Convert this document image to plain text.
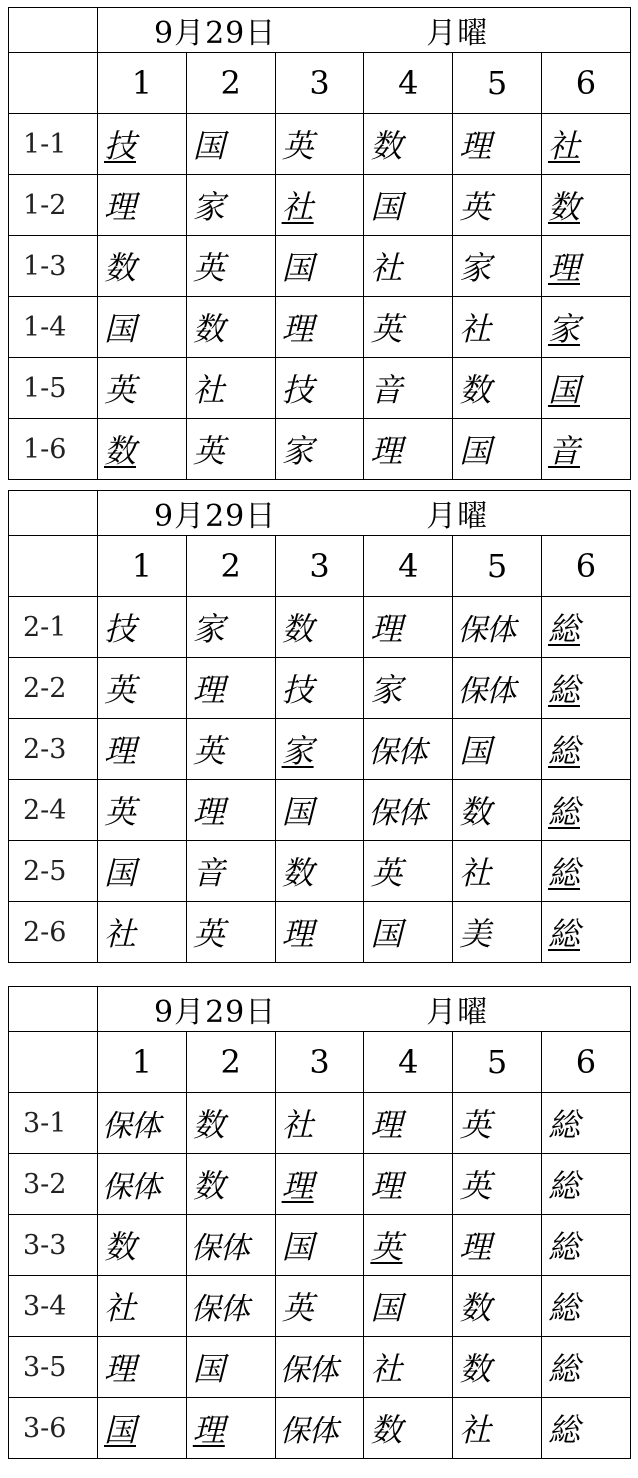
	9月29日 月曜					
	1	2	3	4	5	6
1-1	技	国	英	数	理	社
1-2	理	家	社	国	英	数
1-3	数	英	国	社	家	理
1-4	国	数	理	英	社	家
1-5	英	社	技	音	数	国
1-6	数	英	家	理	国	音
	9月29日 月曜					
	1	2	3	4	5	6
2-1	技	家	数	理	保体	総
2-2	英	理	技	家	保体	総
2-3	理	英	家	保体	国	総
2-4	英	理	国	保体	数	総
2-5	国	音	数	英	社	総
2-6	社	英	理	国	美	総
	9月29日 月曜					
	1	2	3	4	5	6
3-1	保体	数	社	理	英	総
3-2	保体	数	理	理	英	総
3-3	数	保体	国	英	理	総
3-4	社	保体	英	国	数	総
3-5	理	国	保体	社	数	総
3-6	国	理	保体	数	社	総
